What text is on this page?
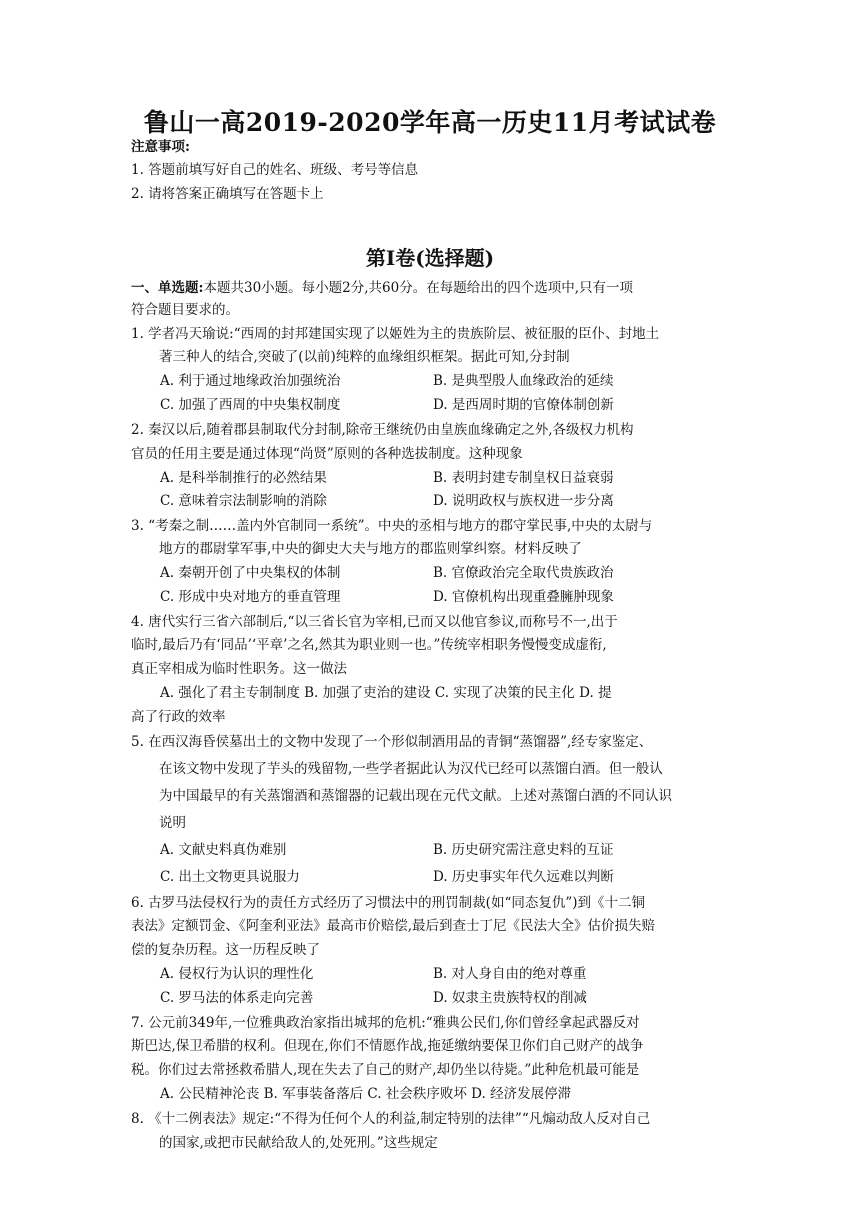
鲁山一高2019-2020学年高一历史11月考试试卷
注意事项:
1. 答题前填写好自己的姓名、班级、考号等信息
2. 请将答案正确填写在答题卡上
第Ⅰ卷(选择题)
一、单选题:本题共30小题。每小题2分,共60分。在每题给出的四个选项中,只有一项
符合题目要求的。
1. 学者冯天瑜说:“西周的封邦建国实现了以姬姓为主的贵族阶层、被征服的臣仆、封地土
著三种人的结合,突破了(以前)纯粹的血缘组织框架。据此可知,分封制
A. 利于通过地缘政治加强统治	B. 是典型殷人血缘政治的延续
C. 加强了西周的中央集权制度	D. 是西周时期的官僚体制创新
2. 秦汉以后,随着郡县制取代分封制,除帝王继统仍由皇族血缘确定之外,各级权力机构
官员的任用主要是通过体现“尚贤”原则的各种选拔制度。这种现象
A. 是科举制推行的必然结果	B. 表明封建专制皇权日益衰弱
C. 意味着宗法制影响的消除	D. 说明政权与族权进一步分离
3. “考秦之制……盖内外官制同一系统”。中央的丞相与地方的郡守掌民事,中央的太尉与
地方的郡尉掌军事,中央的御史大夫与地方的郡监则掌纠察。材料反映了
A. 秦朝开创了中央集权的体制	B. 官僚政治完全取代贵族政治
C. 形成中央对地方的垂直管理	D. 官僚机构出现重叠臃肿现象
4. 唐代实行三省六部制后,“以三省长官为宰相,已而又以他官参议,而称号不一,出于
临时,最后乃有‘同品’‘平章’之名,然其为职业则一也。”传统宰相职务慢慢变成虚衔,
真正宰相成为临时性职务。这一做法
A. 强化了君主专制制度 B. 加强了吏治的建设 C. 实现了决策的民主化 D. 提
高了行政的效率
5. 在西汉海昏侯墓出土的文物中发现了一个形似制酒用品的青铜“蒸馏器”,经专家鉴定、
在该文物中发现了芋头的残留物,一些学者据此认为汉代已经可以蒸馏白酒。但一般认
为中国最早的有关蒸馏酒和蒸馏器的记载出现在元代文献。上述对蒸馏白酒的不同认识
说明
A. 文献史料真伪难别	B. 历史研究需注意史料的互证
C. 出土文物更具说服力	D. 历史事实年代久远难以判断
6. 古罗马法侵权行为的责任方式经历了习惯法中的刑罚制裁(如“同态复仇”)到《十二铜
表法》定额罚金、《阿奎利亚法》最高市价赔偿,最后到查士丁尼《民法大全》估价损失赔
偿的复杂历程。这一历程反映了
A. 侵权行为认识的理性化	B. 对人身自由的绝对尊重
C. 罗马法的体系走向完善	D. 奴隶主贵族特权的削减
7. 公元前349年,一位雅典政治家指出城邦的危机:“雅典公民们,你们曾经拿起武器反对
斯巴达,保卫希腊的权利。但现在,你们不情愿作战,拖延缴纳要保卫你们自己财产的战争
税。你们过去常拯救希腊人,现在失去了自己的财产,却仍坐以待毙。”此种危机最可能是
A. 公民精神沦丧 B. 军事装备落后 C. 社会秩序败坏 D. 经济发展停滞
8. 《十二例表法》规定:“不得为任何个人的利益,制定特别的法律”“凡煽动敌人反对自己
的国家,或把市民献给敌人的,处死刑。”这些规定
